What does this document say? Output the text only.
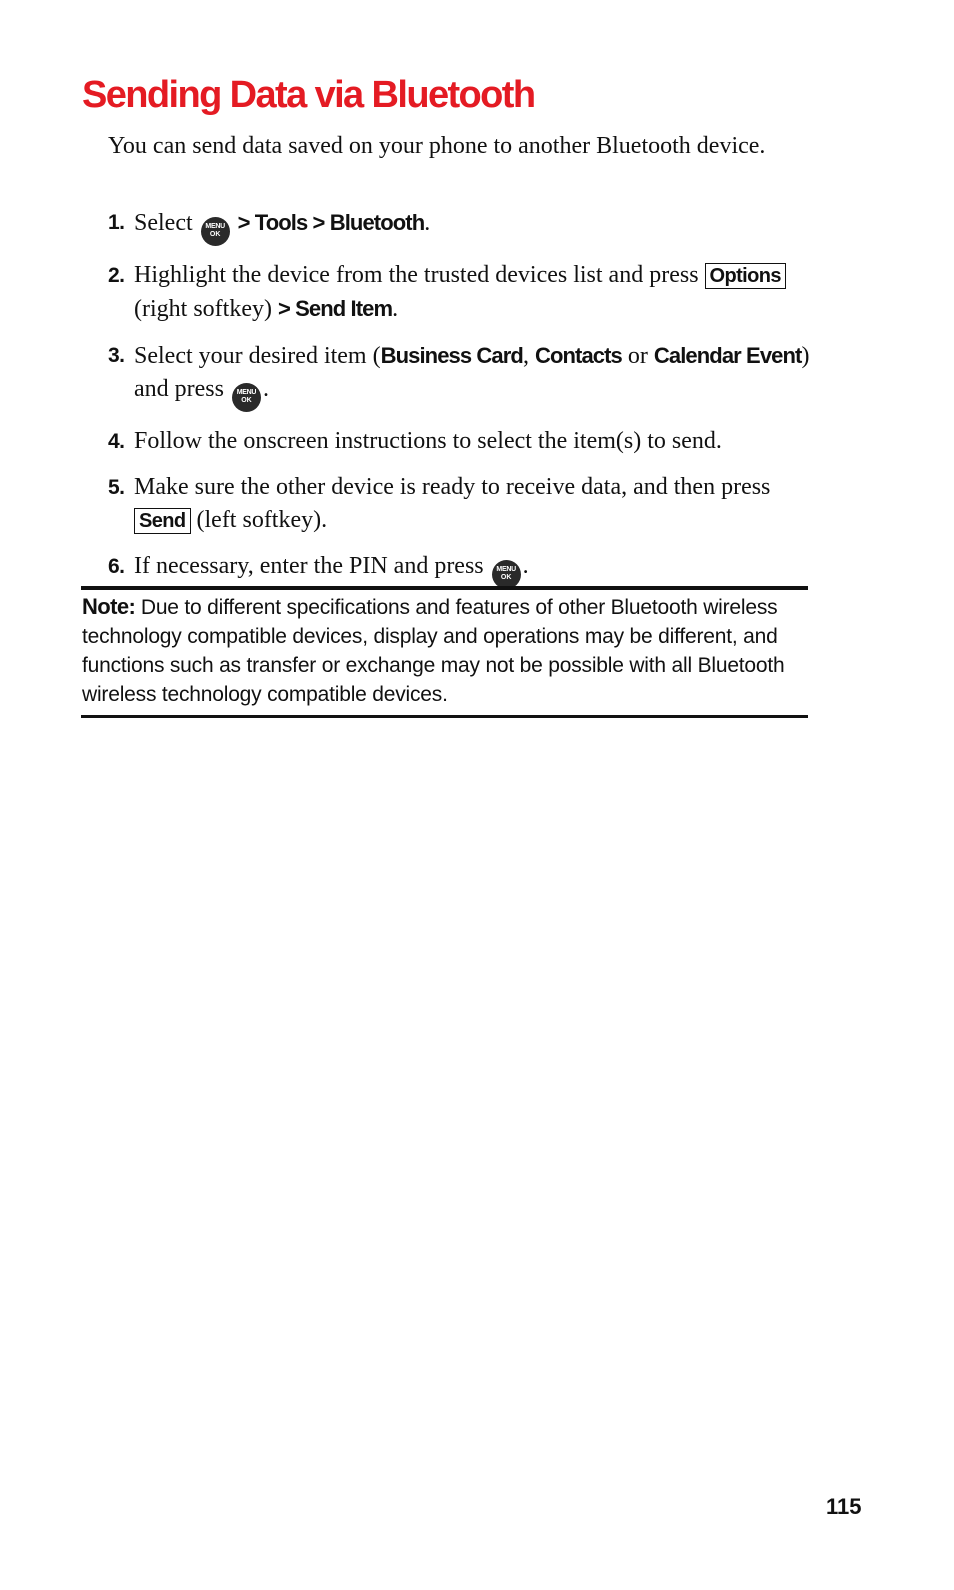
Sending Data via Bluetooth

You can send data saved on your phone to another Bluetooth device.

1. Select MENU
OK > Tools > Bluetooth.
2. Highlight the device from the trusted devices list and press Options (right softkey) > Send Item.
3. Select your desired item (Business Card, Contacts or Calendar Event) and press MENU
OK .
4. Follow the onscreen instructions to select the item(s) to send.
5. Make sure the other device is ready to receive data, and then press Send (left softkey).
6. If necessary, enter the PIN and press MENU
OK .

Note: Due to different specifications and features of other Bluetooth wireless technology compatible devices, display and operations may be different, and functions such as transfer or exchange may not be possible with all Bluetooth wireless technology compatible devices.

115
